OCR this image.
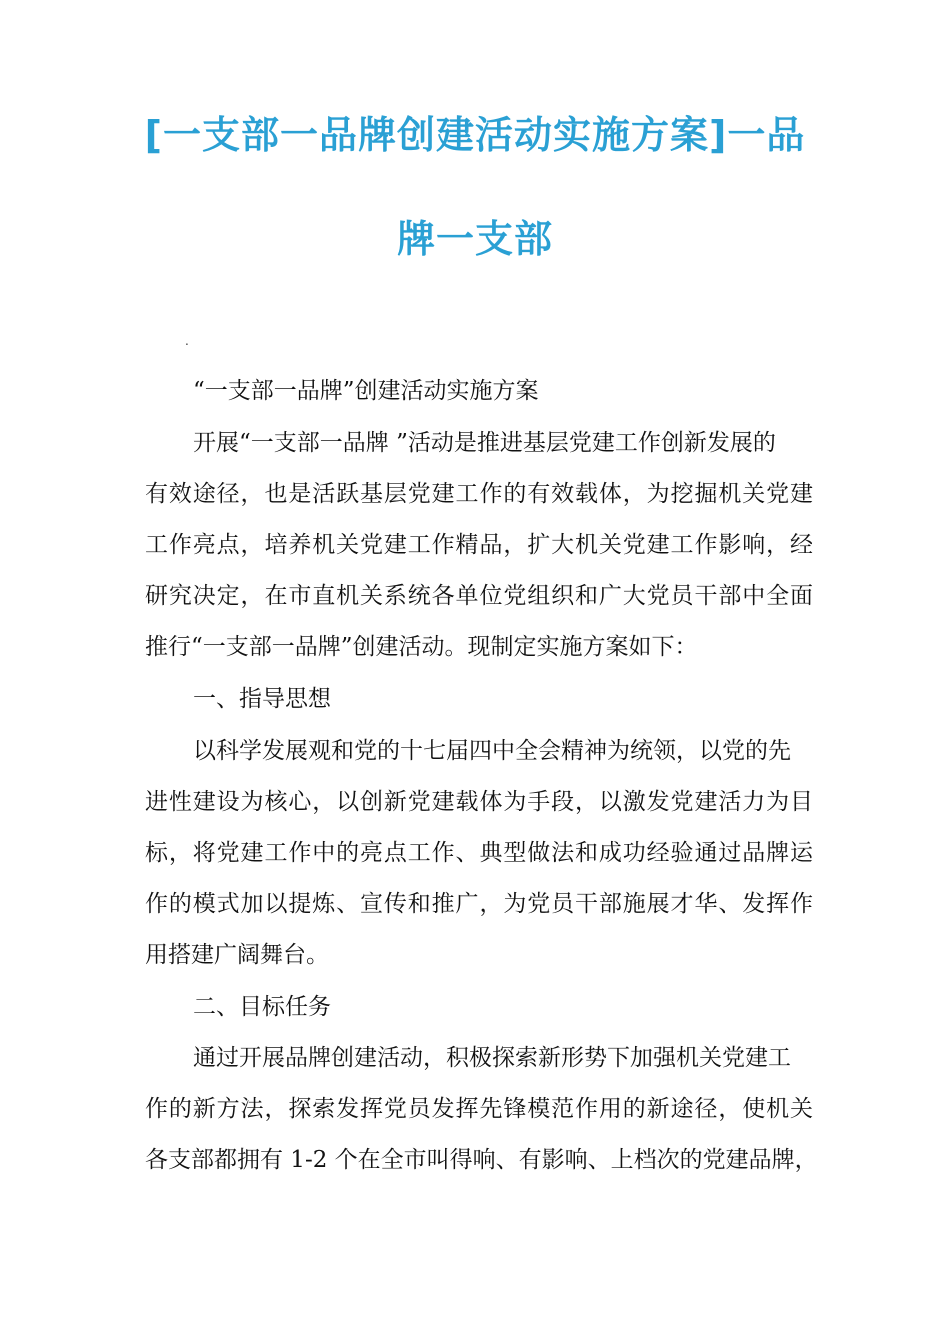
[一支部一品牌创建活动实施方案]一品
牌一支部
.
“一支部一品牌”创建活动实施方案
开展“一支部一品牌 ”活动是推进基层党建工作创新发展的
有效途径，也是活跃基层党建工作的有效载体，为挖掘机关党建
工作亮点，培养机关党建工作精品，扩大机关党建工作影响，经
研究决定，在市直机关系统各单位党组织和广大党员干部中全面
推行“一支部一品牌”创建活动。现制定实施方案如下：
一、指导思想
以科学发展观和党的十七届四中全会精神为统领，以党的先
进性建设为核心，以创新党建载体为手段，以激发党建活力为目
标，将党建工作中的亮点工作、典型做法和成功经验通过品牌运
作的模式加以提炼、宣传和推广，为党员干部施展才华、发挥作
用搭建广阔舞台。
二、目标任务
通过开展品牌创建活动，积极探索新形势下加强机关党建工
作的新方法，探索发挥党员发挥先锋模范作用的新途径，使机关
各支部都拥有 1-2 个在全市叫得响、有影响、上档次的党建品牌，
